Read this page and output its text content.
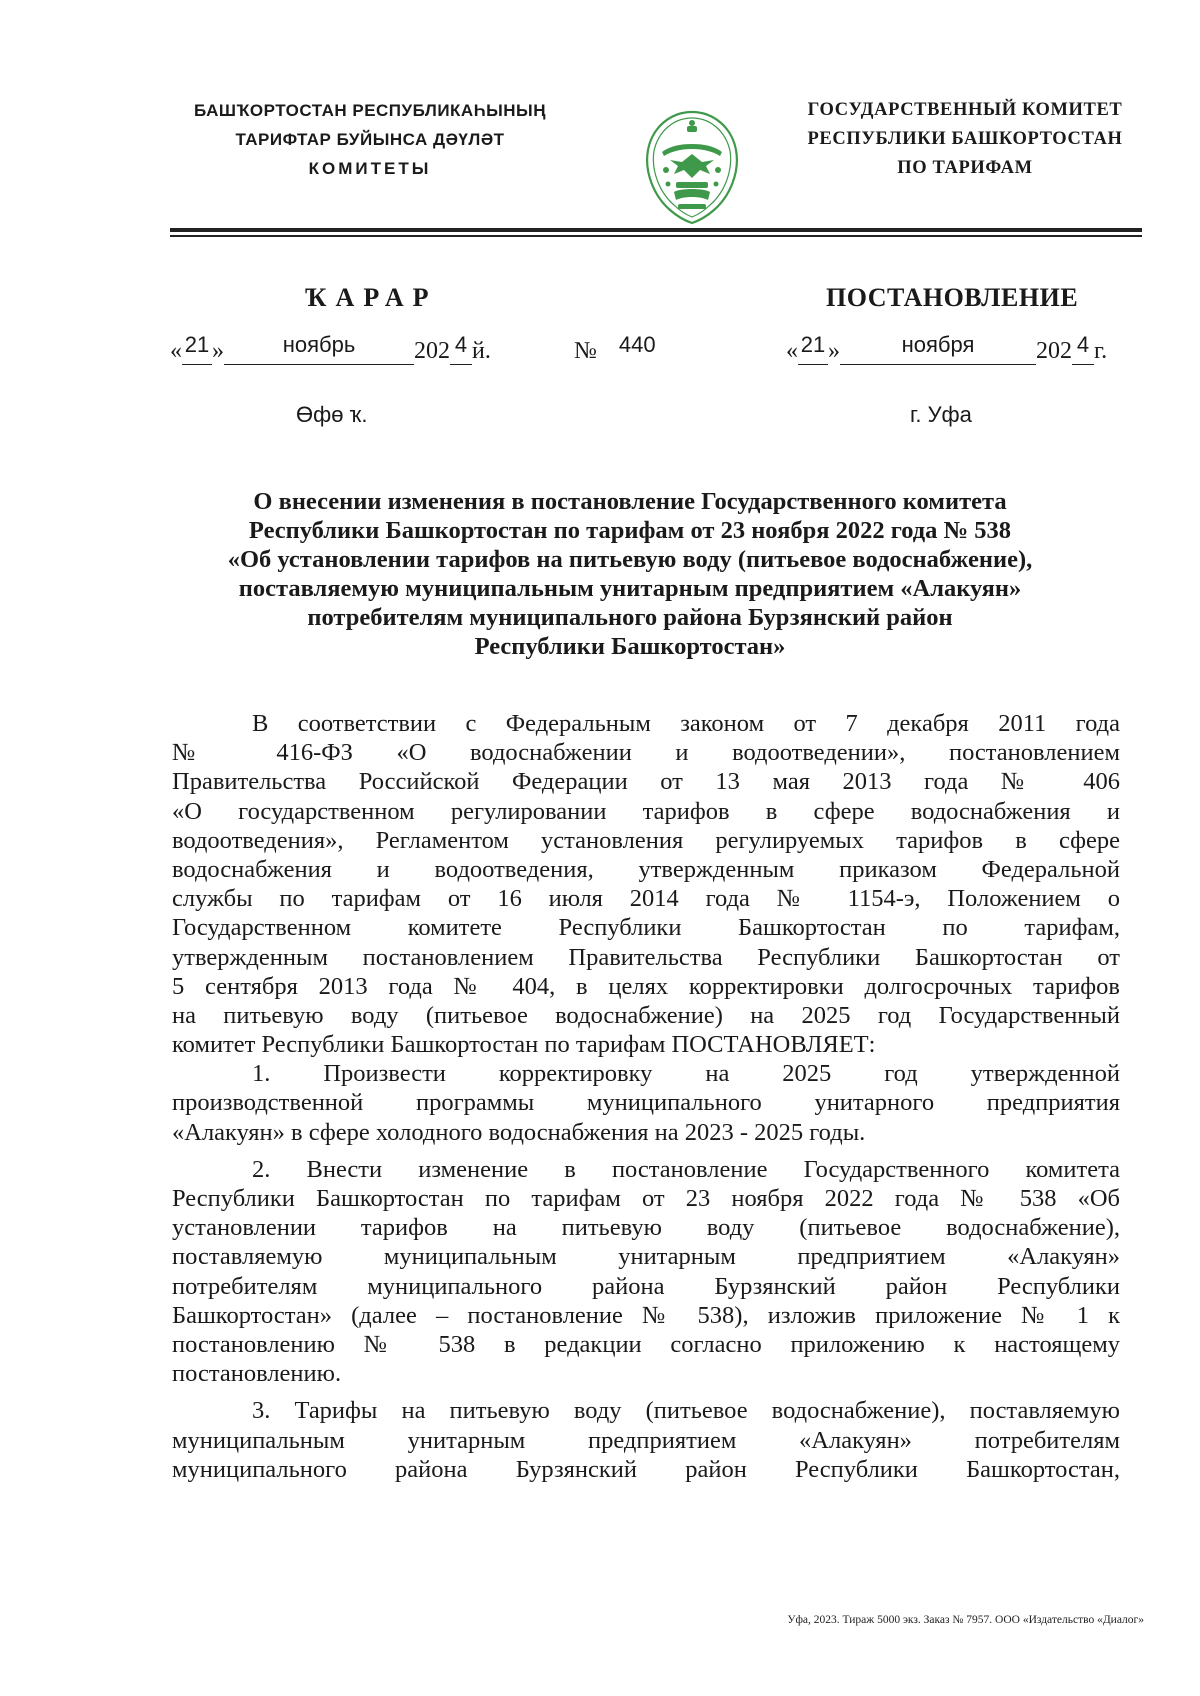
БАШҠОРТОСТАН РЕСПУБЛИКАҺЫНЫҢ
ТАРИФТАР БУЙЫНСА ДӘҮЛӘТ
КОМИТЕТЫ
ГОСУДАРСТВЕННЫЙ КОМИТЕТ
РЕСПУБЛИКИ БАШКОРТОСТАН
ПО ТАРИФАМ
ҠАРАР	ПОСТАНОВЛЕНИЕ
« 21 »	ноябрь 202 4 й.	№ 440	« 21 »	ноября	202 4 г.
Өфө ҡ.	г. Уфа
О внесении изменения в постановление Государственного комитета
Республики Башкортостан по тарифам от 23 ноября 2022 года № 538
«Об установлении тарифов на питьевую воду (питьевое водоснабжение),
поставляемую муниципальным унитарным предприятием «Алакуян»
потребителям муниципального района Бурзянский район
Республики Башкортостан»
В соответствии с Федеральным законом от 7 декабря 2011 года
№ 416-ФЗ «О водоснабжении и водоотведении», постановлением
Правительства Российской Федерации от 13 мая 2013 года № 406
«О государственном регулировании тарифов в сфере водоснабжения и
водоотведения», Регламентом установления регулируемых тарифов в сфере
водоснабжения и водоотведения, утвержденным приказом Федеральной
службы по тарифам от 16 июля 2014 года № 1154-э, Положением о
Государственном комитете Республики Башкортостан по тарифам,
утвержденным постановлением Правительства Республики Башкортостан от
5 сентября 2013 года № 404, в целях корректировки долгосрочных тарифов
на питьевую воду (питьевое водоснабжение) на 2025 год Государственный
комитет Республики Башкортостан по тарифам ПОСТАНОВЛЯЕТ:
1. Произвести корректировку на 2025 год утвержденной
производственной программы муниципального унитарного предприятия
«Алакуян» в сфере холодного водоснабжения на 2023 - 2025 годы.
2. Внести изменение в постановление Государственного комитета
Республики Башкортостан по тарифам от 23 ноября 2022 года № 538 «Об
установлении тарифов на питьевую воду (питьевое водоснабжение),
поставляемую муниципальным унитарным предприятием «Алакуян»
потребителям муниципального района Бурзянский район Республики
Башкортостан» (далее – постановление № 538), изложив приложение № 1 к
постановлению № 538 в редакции согласно приложению к настоящему
постановлению.
3. Тарифы на питьевую воду (питьевое водоснабжение), поставляемую
муниципальным унитарным предприятием «Алакуян» потребителям
муниципального района Бурзянский район Республики Башкортостан,
Уфа, 2023. Тираж 5000 экз. Заказ № 7957. ООО «Издательство «Диалог»
